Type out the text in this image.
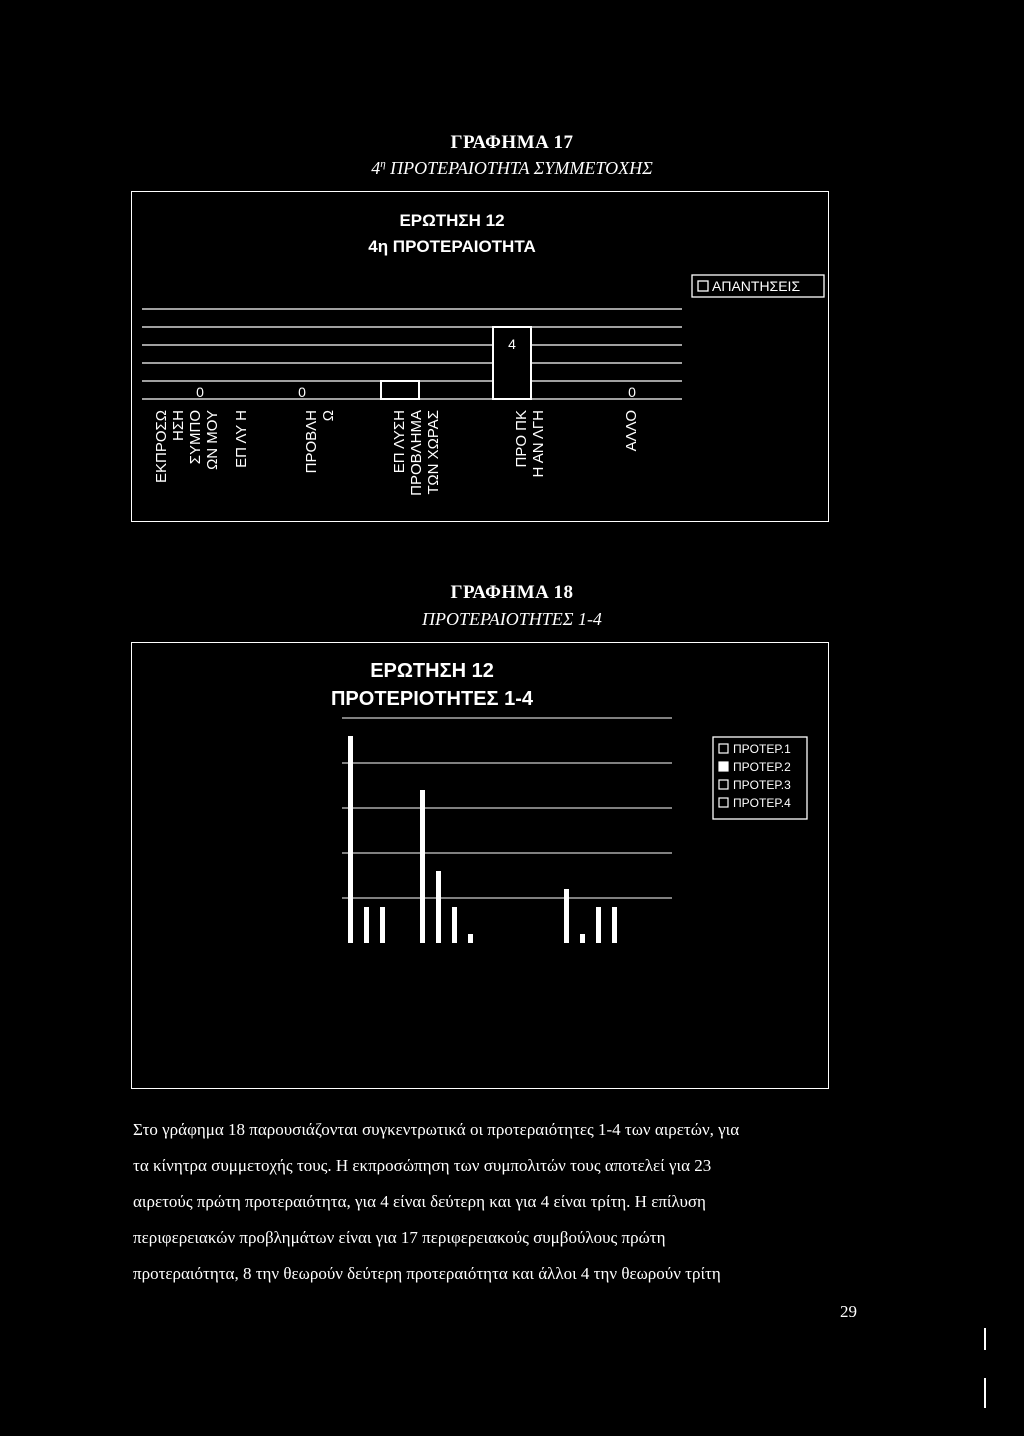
ΓΡΑΦΗΜΑ 17
$4^\eta$ ΠΡΟΤΕΡΑΙΟΤΗΤΑ ΣΥΜΜΕΤΟΧΗΣ
ΕΡΩΤΗΣΗ 12
4η ΠΡΟΤΕΡΑΙΟΤΗΤΑ
ΑΠΑΝΤΗΣΕΙΣ
0	0
4
0
ΕΚΠΡΟΣΩ ΗΣΗ ΣΥΜΠΟ ΩΝ ΜΟΥ ΕΠ ΛΥ Η	ΠΡΟΒΛΗ Ω	ΕΠ ΛΥΣΗ ΠΡΟΒΛΗΜΑ ΤΩΝ ΧΩΡΑΣ	ΠΡΟ ΠΚ Η ΑΝ ΛΓΗ	ΑΛΛΟ
ΓΡΑΦΗΜΑ 18
ΠΡΟΤΕΡΑΙΟΤΗΤΕΣ 1-4
ΕΡΩΤΗΣΗ 12
ΠΡΟΤΕΡΙΟΤΗΤΕΣ 1-4
ΠΡΟΤΕΡ.1
ΠΡΟΤΕΡ.2
ΠΡΟΤΕΡ.3
ΠΡΟΤΕΡ.4

Στο γράφημα 18 παρουσιάζονται συγκεντρωτικά οι προτεραιότητες 1-4 των αιρετών, για

τα κίνητρα συμμετοχής τους. Η εκπροσώπηση των συμπολιτών τους αποτελεί για 23

αιρετούς πρώτη προτεραιότητα, για 4 είναι δεύτερη και για 4 είναι τρίτη. Η επίλυση

περιφερειακών προβλημάτων είναι για 17 περιφερειακούς συμβούλους πρώτη

προτεραιότητα, 8 την θεωρούν δεύτερη προτεραιότητα και άλλοι 4 την θεωρούν τρίτη

29
